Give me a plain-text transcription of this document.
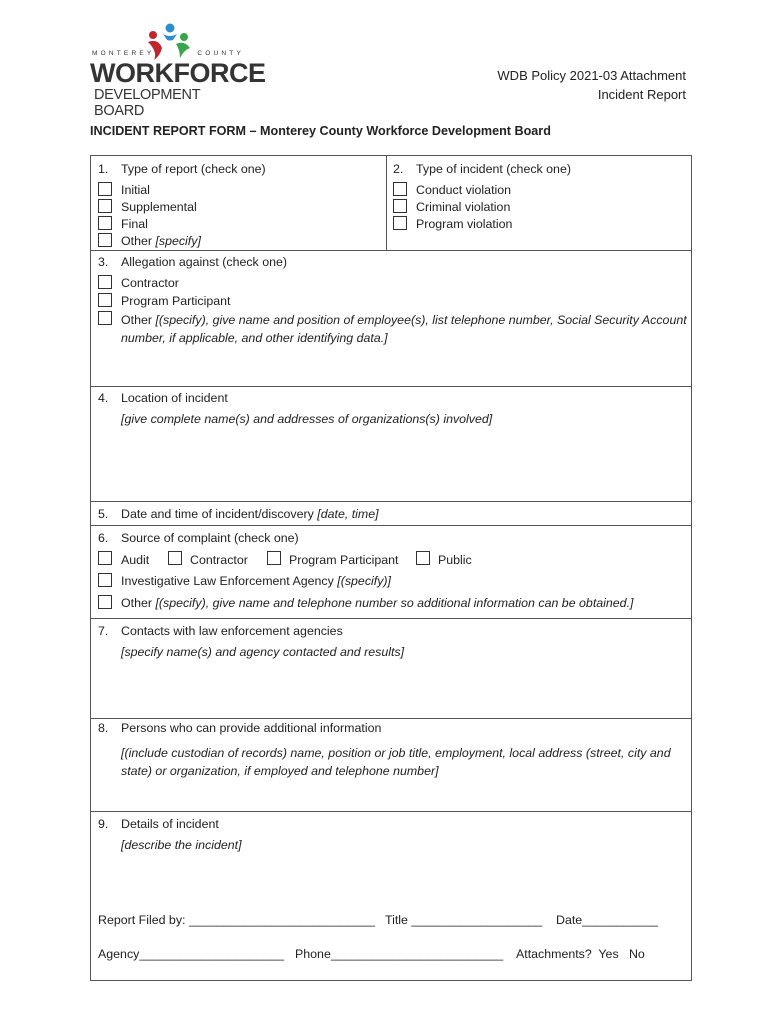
MONTEREY	COUNTY
WORKFORCE
DEVELOPMENT BOARD
WDB Policy 2021-03 Attachment
Incident Report
INCIDENT REPORT FORM – Monterey County Workforce Development Board
1. Type of report (check one)
Initial
Supplemental
Final
Other [specify]
2. Type of incident (check one)
Conduct violation
Criminal violation
Program violation
3. Allegation against (check one)
Contractor
Program Participant
Other [(specify), give name and position of employee(s), list telephone number, Social Security Account number, if applicable, and other identifying data.]
4. Location of incident
[give complete name(s) and addresses of organizations(s) involved]
5. Date and time of incident/discovery [date, time]
6. Source of complaint (check one)
Audit	Contractor	Program Participant	Public
Investigative Law Enforcement Agency [(specify)]
Other [(specify), give name and telephone number so additional information can be obtained.]
7. Contacts with law enforcement agencies
[specify name(s) and agency contacted and results]
8. Persons who can provide additional information
[(include custodian of records) name, position or job title, employment, local address (street, city and state) or organization, if employed and telephone number]
9. Details of incident
[describe the incident]
Report Filed by: ___________________________ Title ___________________ Date___________
Agency_____________________ Phone_________________________ Attachments?  Yes   No
